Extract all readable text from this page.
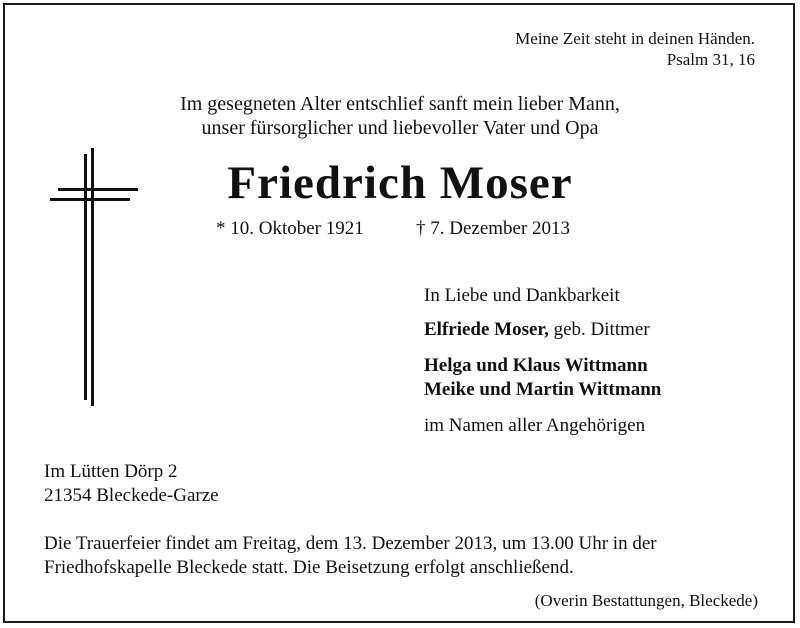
Meine Zeit steht in deinen Händen.
Psalm 31, 16
Im gesegneten Alter entschlief sanft mein lieber Mann,
unser fürsorglicher und liebevoller Vater und Opa
Friedrich Moser
* 10. Oktober 1921	† 7. Dezember 2013
In Liebe und Dankbarkeit
Elfriede Moser, geb. Dittmer
Helga und Klaus Wittmann
Meike und Martin Wittmann
im Namen aller Angehörigen
Im Lütten Dörp 2
21354 Bleckede-Garze
Die Trauerfeier findet am Freitag, dem 13. Dezember 2013, um 13.00 Uhr in der
Friedhofskapelle Bleckede statt. Die Beisetzung erfolgt anschließend.
(Overin Bestattungen, Bleckede)
